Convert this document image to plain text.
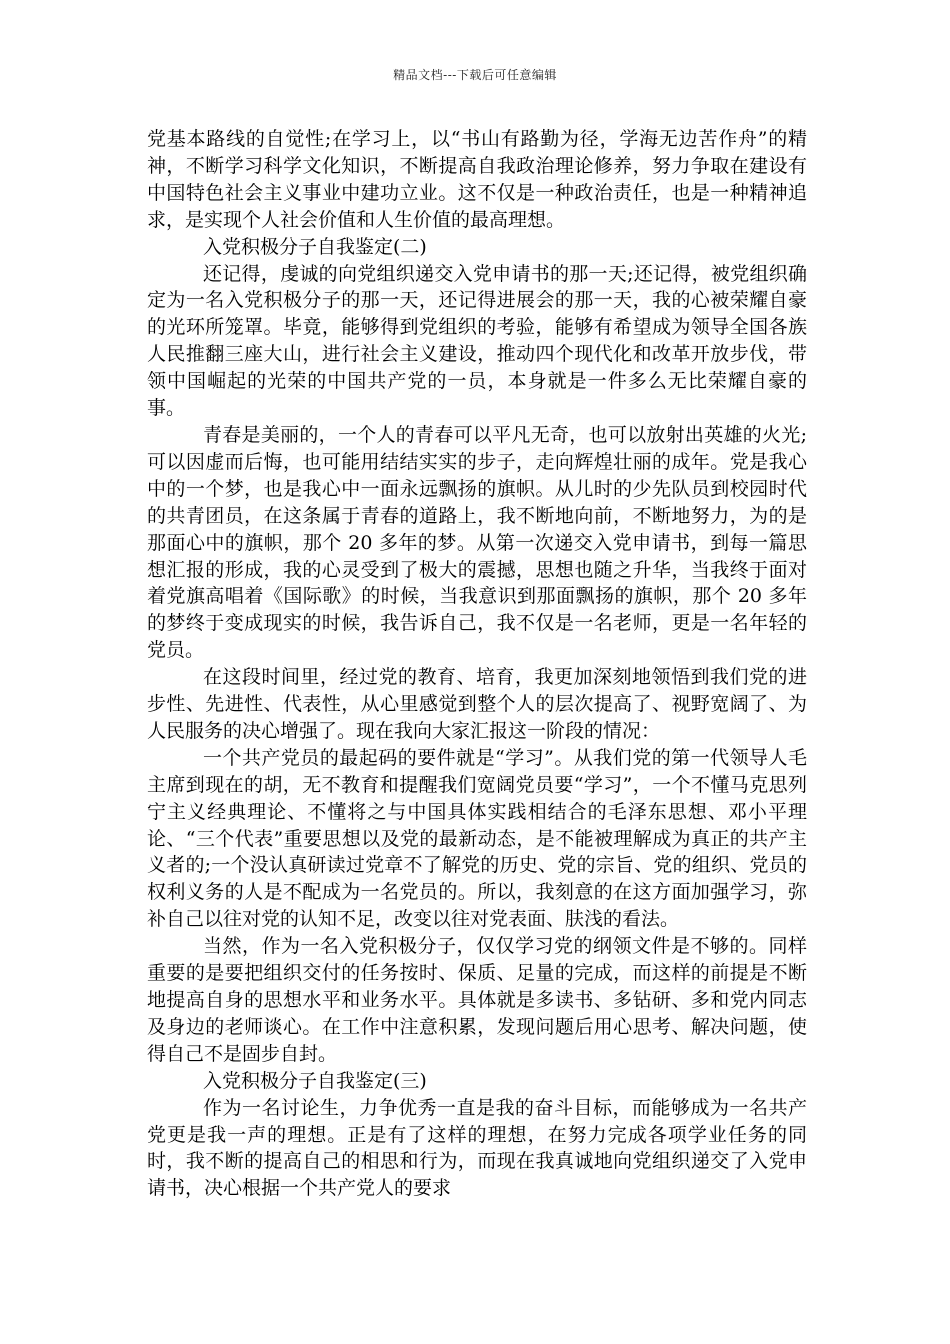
精品文档---下载后可任意编辑

党基本路线的自觉性;在学习上，以“书山有路勤为径，学海无边苦作舟”的精神，不断学习科学文化知识，不断提高自我政治理论修养，努力争取在建设有中国特色社会主义事业中建功立业。这不仅是一种政治责任，也是一种精神追求，是实现个人社会价值和人生价值的最高理想。

入党积极分子自我鉴定(二)

还记得，虔诚的向党组织递交入党申请书的那一天;还记得，被党组织确定为一名入党积极分子的那一天，还记得进展会的那一天，我的心被荣耀自豪的光环所笼罩。毕竟，能够得到党组织的考验，能够有希望成为领导全国各族人民推翻三座大山，进行社会主义建设，推动四个现代化和改革开放步伐，带领中国崛起的光荣的中国共产党的一员，本身就是一件多么无比荣耀自豪的事。

青春是美丽的，一个人的青春可以平凡无奇，也可以放射出英雄的火光;可以因虚而后悔，也可能用结结实实的步子，走向辉煌壮丽的成年。党是我心中的一个梦，也是我心中一面永远飘扬的旗帜。从儿时的少先队员到校园时代的共青团员，在这条属于青春的道路上，我不断地向前，不断地努力，为的是那面心中的旗帜，那个 20 多年的梦。从第一次递交入党申请书，到每一篇思想汇报的形成，我的心灵受到了极大的震撼，思想也随之升华，当我终于面对着党旗高唱着《国际歌》的时候，当我意识到那面飘扬的旗帜，那个 20 多年的梦终于变成现实的时候，我告诉自己，我不仅是一名老师，更是一名年轻的党员。

在这段时间里，经过党的教育、培育，我更加深刻地领悟到我们党的进步性、先进性、代表性，从心里感觉到整个人的层次提高了、视野宽阔了、为人民服务的决心增强了。现在我向大家汇报这一阶段的情况：

一个共产党员的最起码的要件就是“学习”。从我们党的第一代领导人毛主席到现在的胡，无不教育和提醒我们宽阔党员要“学习”，一个不懂马克思列宁主义经典理论、不懂将之与中国具体实践相结合的毛泽东思想、邓小平理论、“三个代表”重要思想以及党的最新动态，是不能被理解成为真正的共产主义者的;一个没认真研读过党章不了解党的历史、党的宗旨、党的组织、党员的权利义务的人是不配成为一名党员的。所以，我刻意的在这方面加强学习，弥补自己以往对党的认知不足，改变以往对党表面、肤浅的看法。

当然，作为一名入党积极分子，仅仅学习党的纲领文件是不够的。同样重要的是要把组织交付的任务按时、保质、足量的完成，而这样的前提是不断地提高自身的思想水平和业务水平。具体就是多读书、多钻研、多和党内同志及身边的老师谈心。在工作中注意积累，发现问题后用心思考、解决问题，使得自己不是固步自封。

入党积极分子自我鉴定(三)

作为一名讨论生，力争优秀一直是我的奋斗目标，而能够成为一名共产党更是我一声的理想。正是有了这样的理想，在努力完成各项学业任务的同时，我不断的提高自己的相思和行为，而现在我真诚地向党组织递交了入党申请书，决心根据一个共产党人的要求
